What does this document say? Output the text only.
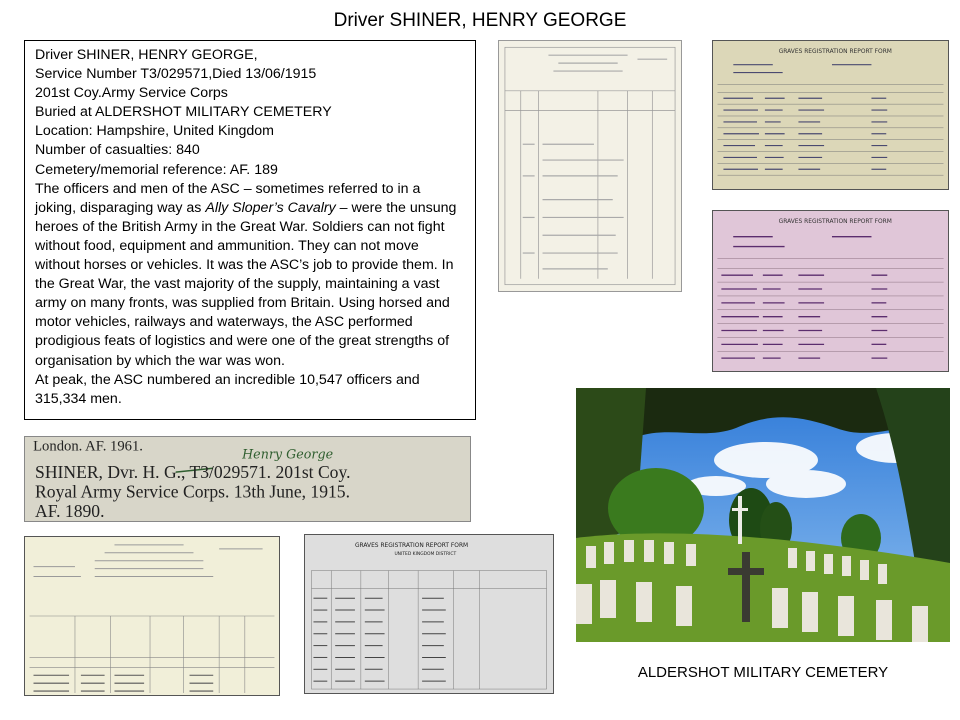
Driver SHINER, HENRY GEORGE

Driver SHINER, HENRY GEORGE,

Service Number T3/029571,Died 13/06/1915

201st Coy.Army Service Corps

Buried at ALDERSHOT MILITARY CEMETERY

Location: Hampshire, United Kingdom

Number of casualties: 840

Cemetery/memorial reference: AF. 189

The officers and men of the ASC – sometimes referred to in a joking, disparaging way as Ally Sloper’s Cavalry – were the unsung heroes of the British Army in the Great War. Soldiers can not fight without food, equipment and ammunition. They can not move without horses or vehicles. It was the ASC’s job to provide them. In the Great War, the vast majority of the supply, maintaining a vast army on many fronts, was supplied from Britain. Using horsed and motor vehicles, railways and waterways, the ASC performed prodigious feats of logistics and were one of the great strengths of organisation by which the war was won.

At peak, the ASC numbered an incredible 10,547 officers and 315,334 men.

London. AF. 1961.	Henry George
SHINER, Dvr. H. G., T3/029571. 201st Coy.
Royal Army Service Corps. 13th June, 1915.
AF. 1890.
GRAVES REGISTRATION REPORT FORM
GRAVES REGISTRATION REPORT FORM
GRAVES REGISTRATION REPORT FORM
UNITED KINGDOM DISTRICT
ALDERSHOT MILITARY CEMETERY
